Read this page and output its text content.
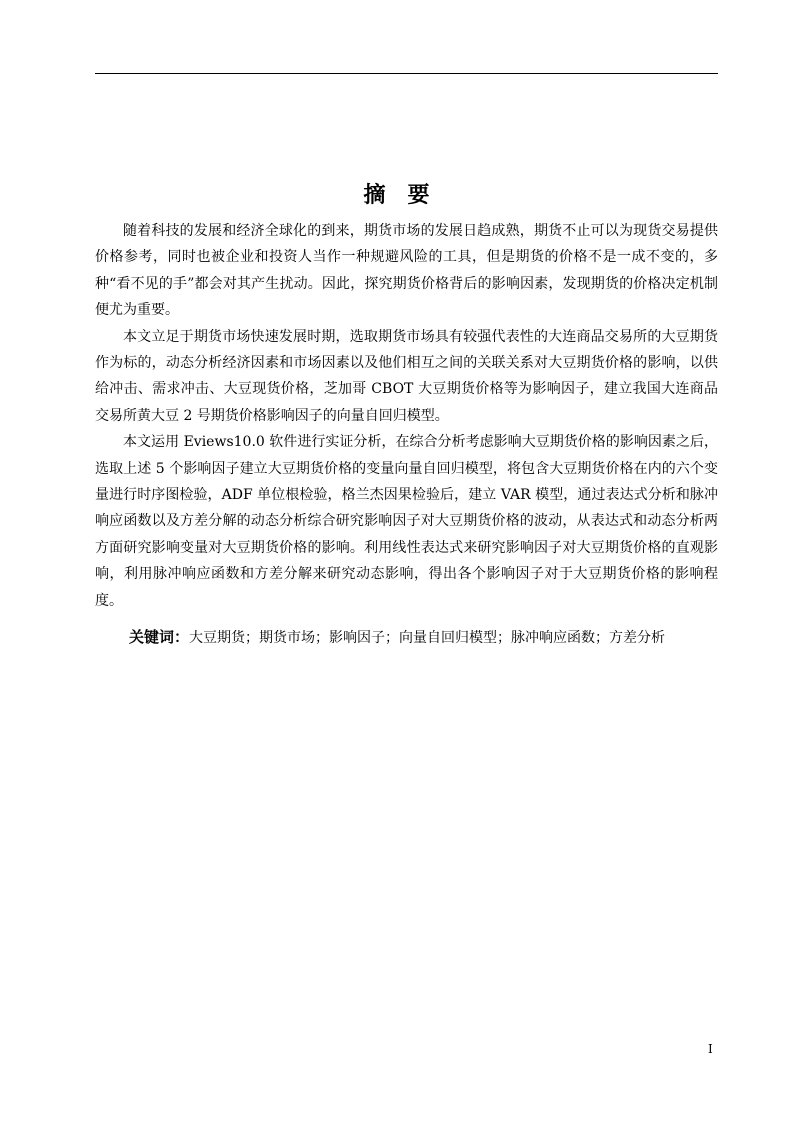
摘要

随着科技的发展和经济全球化的到来，期货市场的发展日趋成熟，期货不止可以为现货交易提供价格参考，同时也被企业和投资人当作一种规避风险的工具，但是期货的价格不是一成不变的，多种“看不见的手”都会对其产生扰动。因此，探究期货价格背后的影响因素，发现期货的价格决定机制便尤为重要。

本文立足于期货市场快速发展时期，选取期货市场具有较强代表性的大连商品交易所的大豆期货作为标的，动态分析经济因素和市场因素以及他们相互之间的关联关系对大豆期货价格的影响，以供给冲击、需求冲击、大豆现货价格，芝加哥 CBOT 大豆期货价格等为影响因子，建立我国大连商品交易所黄大豆 2 号期货价格影响因子的向量自回归模型。

本文运用 Eviews10.0 软件进行实证分析，在综合分析考虑影响大豆期货价格的影响因素之后，选取上述 5 个影响因子建立大豆期货价格的变量向量自回归模型，将包含大豆期货价格在内的六个变量进行时序图检验，ADF 单位根检验，格兰杰因果检验后，建立 VAR 模型，通过表达式分析和脉冲响应函数以及方差分解的动态分析综合研究影响因子对大豆期货价格的波动，从表达式和动态分析两方面研究影响变量对大豆期货价格的影响。利用线性表达式来研究影响因子对大豆期货价格的直观影响，利用脉冲响应函数和方差分解来研究动态影响，得出各个影响因子对于大豆期货价格的影响程度。

关键词：大豆期货；期货市场；影响因子；向量自回归模型；脉冲响应函数；方差分析

I
